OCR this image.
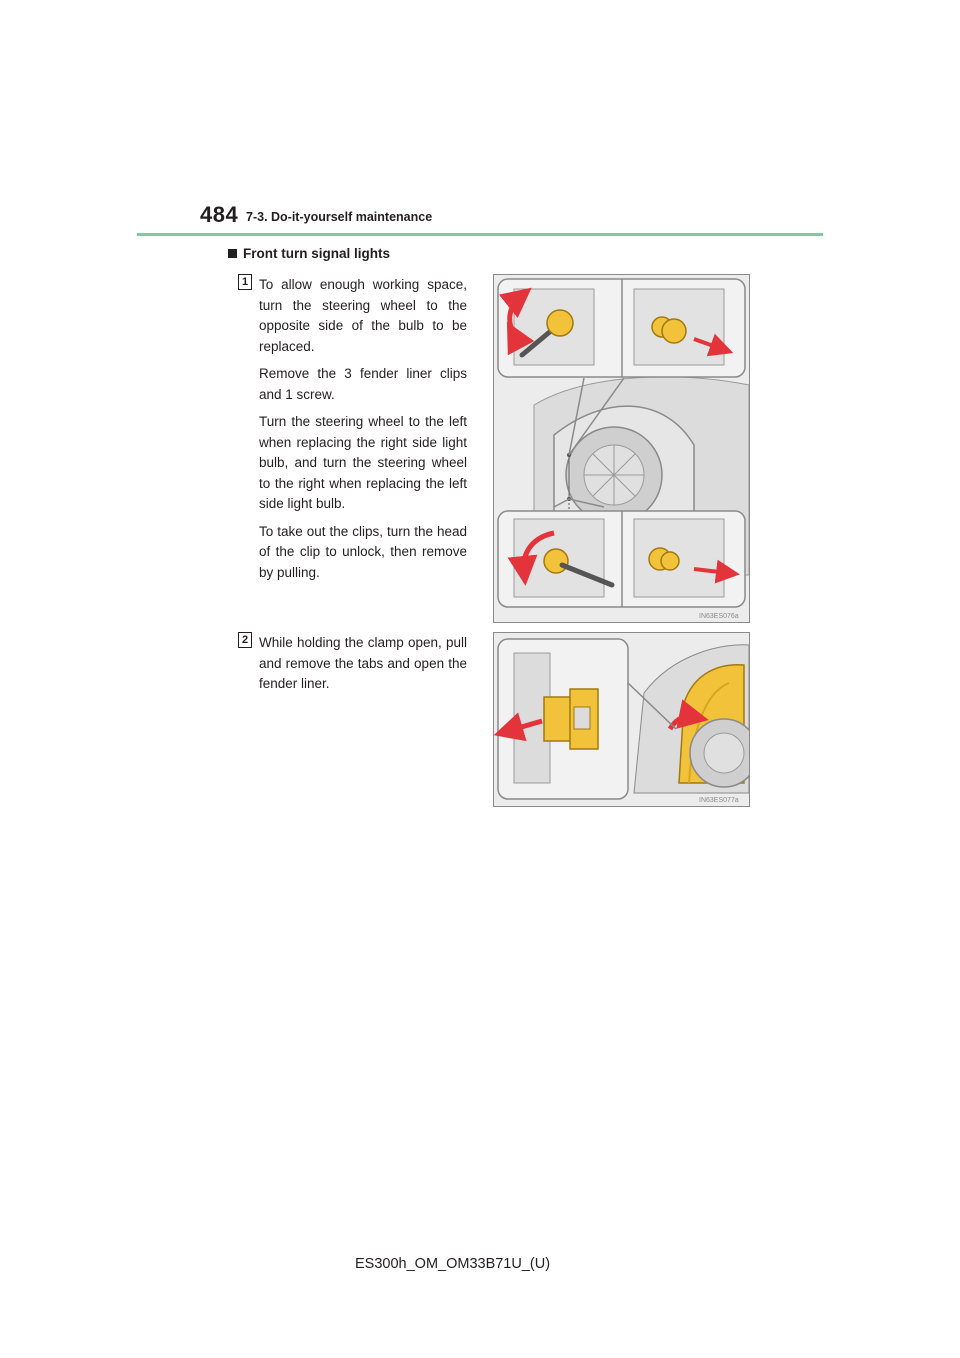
484 7-3. Do-it-yourself maintenance
Front turn signal lights
1 To allow enough working space, turn the steering wheel to the opposite side of the bulb to be replaced.

Remove the 3 fender liner clips and 1 screw.

Turn the steering wheel to the left when replacing the right side light bulb, and turn the steering wheel to the right when replacing the left side light bulb.

To take out the clips, turn the head of the clip to unlock, then remove by pulling.

IN63ES076a
2 While holding the clamp open, pull and remove the tabs and open the fender liner.

IN63ES077a
ES300h_OM_OM33B71U_(U)
